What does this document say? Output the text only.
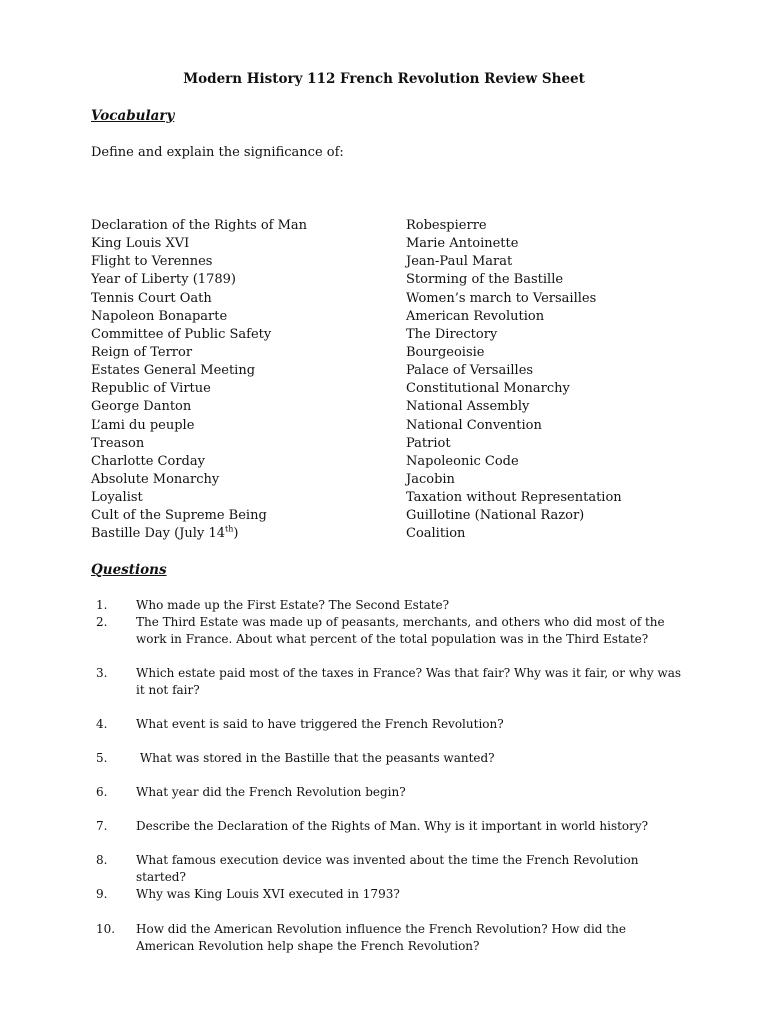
Modern History 112 French Revolution Review Sheet
Vocabulary

Define and explain the significance of:

Declaration of the Rights of Man
King Louis XVI
Flight to Verennes
Year of Liberty (1789)
Tennis Court Oath
Napoleon Bonaparte
Committee of Public Safety
Reign of Terror
Estates General Meeting
Republic of Virtue
George Danton
L’ami du peuple
Treason
Charlotte Corday
Absolute Monarchy
Loyalist
Cult of the Supreme Being
Bastille Day (July 14th)
Robespierre
Marie Antoinette
Jean-Paul Marat
Storming of the Bastille
Women’s march to Versailles
American Revolution
The Directory
Bourgeoisie
Palace of Versailles
Constitutional Monarchy
National Assembly
National Convention
Patriot
Napoleonic Code
Jacobin
Taxation without Representation
Guillotine (National Razor)
Coalition
Questions
1.	Who made up the First Estate? The Second Estate?
2.	The Third Estate was made up of peasants, merchants, and others who did most of the work in France. About what percent of the total population was in the Third Estate?
3.	Which estate paid most of the taxes in France? Was that fair? Why was it fair, or why was it not fair?
4.	What event is said to have triggered the French Revolution?
5.	What was stored in the Bastille that the peasants wanted?
6.	What year did the French Revolution begin?
7.	Describe the Declaration of the Rights of Man. Why is it important in world history?
8.	What famous execution device was invented about the time the French Revolution started?
9.	Why was King Louis XVI executed in 1793?
10.	How did the American Revolution influence the French Revolution? How did the American Revolution help shape the French Revolution?
